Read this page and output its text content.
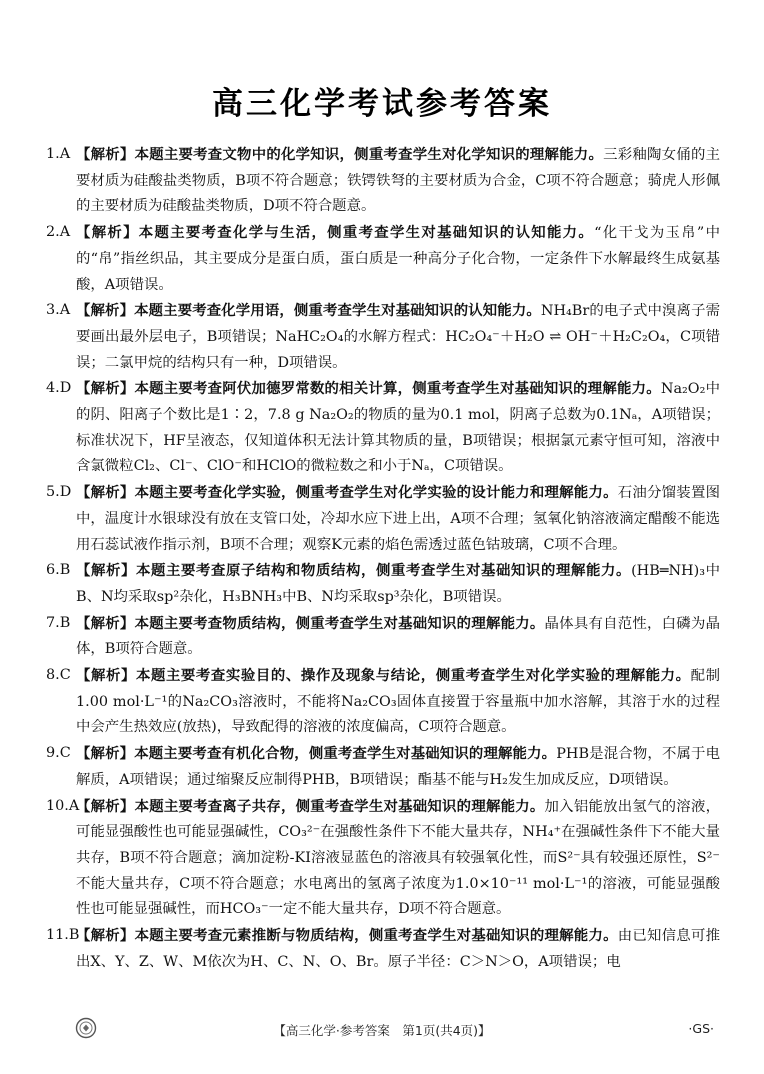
高三化学考试参考答案
1.A 【解析】本题主要考查文物中的化学知识，侧重考查学生对化学知识的理解能力。三彩釉陶女俑的主要材质为硅酸盐类物质，B项不符合题意；铁锷铁弩的主要材质为合金，C项不符合题意；骑虎人形佩的主要材质为硅酸盐类物质，D项不符合题意。
2.A 【解析】本题主要考查化学与生活，侧重考查学生对基础知识的认知能力。“化干戈为玉帛”中的“帛”指丝织品，其主要成分是蛋白质，蛋白质是一种高分子化合物，一定条件下水解最终生成氨基酸，A项错误。
3.A 【解析】本题主要考查化学用语，侧重考查学生对基础知识的认知能力。NH₄Br的电子式中溴离子需要画出最外层电子，B项错误；NaHC₂O₄的水解方程式：HC₂O₄⁻＋H₂O ⇌ OH⁻＋H₂C₂O₄，C项错误；二氯甲烷的结构只有一种，D项错误。
4.D 【解析】本题主要考查阿伏加德罗常数的相关计算，侧重考查学生对基础知识的理解能力。Na₂O₂中的阴、阳离子个数比是1∶2，7.8 g Na₂O₂的物质的量为0.1 mol，阴离子总数为0.1Nₐ，A项错误；标准状况下，HF呈液态，仅知道体积无法计算其物质的量，B项错误；根据氯元素守恒可知，溶液中含氯微粒Cl₂、Cl⁻、ClO⁻和HClO的微粒数之和小于Nₐ，C项错误。
5.D 【解析】本题主要考查化学实验，侧重考查学生对化学实验的设计能力和理解能力。石油分馏装置图中，温度计水银球没有放在支管口处，冷却水应下进上出，A项不合理；氢氧化钠溶液滴定醋酸不能选用石蕊试液作指示剂，B项不合理；观察K元素的焰色需透过蓝色钴玻璃，C项不合理。
6.B 【解析】本题主要考查原子结构和物质结构，侧重考查学生对基础知识的理解能力。(HB═NH)₃中B、N均采取sp²杂化，H₃BNH₃中B、N均采取sp³杂化，B项错误。
7.B 【解析】本题主要考查物质结构，侧重考查学生对基础知识的理解能力。晶体具有自范性，白磷为晶体，B项符合题意。
8.C 【解析】本题主要考查实验目的、操作及现象与结论，侧重考查学生对化学实验的理解能力。配制1.00 mol·L⁻¹的Na₂CO₃溶液时，不能将Na₂CO₃固体直接置于容量瓶中加水溶解，其溶于水的过程中会产生热效应(放热)，导致配得的溶液的浓度偏高，C项符合题意。
9.C 【解析】本题主要考查有机化合物，侧重考查学生对基础知识的理解能力。PHB是混合物，不属于电解质，A项错误；通过缩聚反应制得PHB，B项错误；酯基不能与H₂发生加成反应，D项错误。
10.A
【解析】本题主要考查离子共存，侧重考查学生对基础知识的理解能力。加入铝能放出氢气的溶液，可能显强酸性也可能显强碱性，CO₃²⁻在强酸性条件下不能大量共存，NH₄⁺在强碱性条件下不能大量共存，B项不符合题意；滴加淀粉-KI溶液显蓝色的溶液具有较强氧化性，而S²⁻具有较强还原性，S²⁻不能大量共存，C项不符合题意；水电离出的氢离子浓度为1.0×10⁻¹¹ mol·L⁻¹的溶液，可能显强酸性也可能显强碱性，而HCO₃⁻一定不能大量共存，D项不符合题意。
11.B
【解析】本题主要考查元素推断与物质结构，侧重考查学生对基础知识的理解能力。由已知信息可推出X、Y、Z、W、M依次为H、C、N、O、Br。原子半径：C＞N＞O，A项错误；电
【高三化学·参考答案　第1页(共4页)】	·GS·
